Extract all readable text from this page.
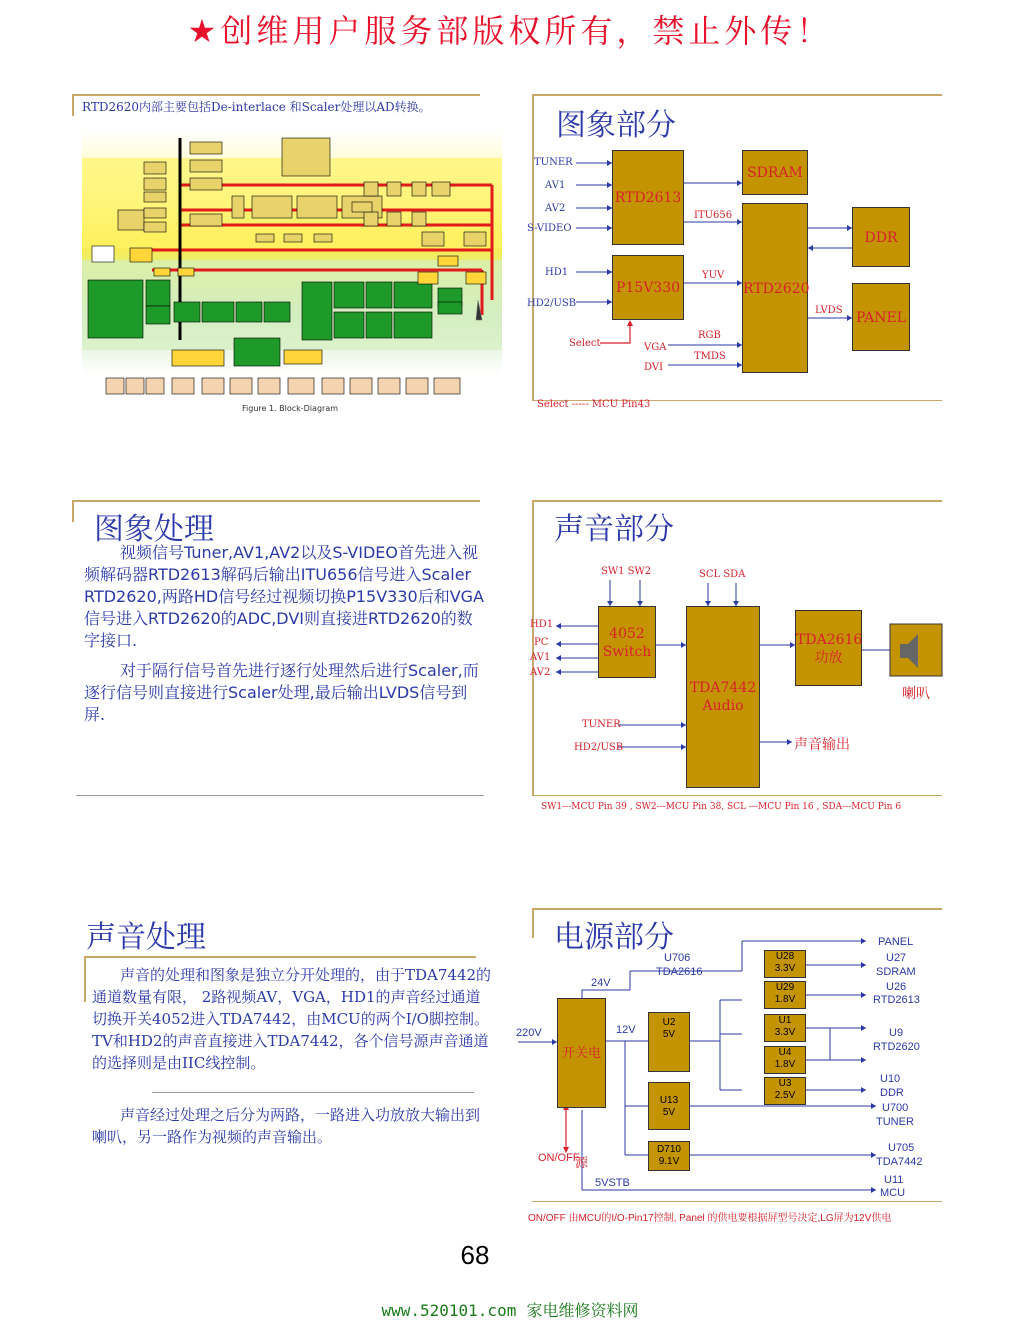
★创维用户服务部版权所有，禁止外传！
RTD2620内部主要包括De-interlace 和Scaler处理以AD转换。
Figure 1. Block-Diagram
图象部分
TUNER
AV1
AV2
S-VIDEO
HD1
HD2/USB
RTD2613
SDRAM
P15V330	RTD2620
DDR
PANEL
ITU656
YUV
LVDS
RGB
TMDS
VGA
DVI
Select
Select ----- MCU Pin43
图象处理
视频信号Tuner,AV1,AV2以及S-VIDEO首先进入视频解码器RTD2613解码后输出ITU656信号进入Scaler RTD2620,两路HD信号经过视频切换P15V330后和VGA信号进入RTD2620的ADC,DVI则直接进RTD2620的数字接口.
对于隔行信号首先进行逐行处理然后进行Scaler,而逐行信号则直接进行Scaler处理,最后输出LVDS信号到屏.
声音部分
SW1 SW2	SCL SDA
HD1
PC
AV1
AV2
TUNER
HD2/USB
4052
Switch
TDA7442
Audio
TDA2616
功放
喇叭
声音输出
SW1---MCU Pin 39 , SW2---MCU Pin 38, SCL ---MCU Pin 16 , SDA---MCU Pin 6
声音处理
声音的处理和图象是独立分开处理的，由于TDA7442的通道数量有限， 2路视频AV，VGA，HD1的声音经过通道切换开关4052进入TDA7442，由MCU的两个I/O脚控制。TV和HD2的声音直接进入TDA7442，各个信号源声音通道的选择则是由IIC线控制。
声音经过处理之后分为两路，一路进入功放放大输出到喇叭，另一路作为视频的声音输出。
电源部分
开关电源
220V
ON/OFF
24V
12V
5VSTB
U706
TDA2616
U28
3.3V
U29
1.8V
U1
3.3V
U4
1.8V
U3
2.5V
U2
5V
U13
5V
D710
9.1V
PANEL
U27
SDRAM
U26
RTD2613
U9
RTD2620
U10
DDR
U700
TUNER
U705
TDA7442
U11
MCU
ON/OFF 由MCU的I/O-Pin17控制, Panel 的供电要根据屏型号决定,LG屏为12V供电
68
www.520101.com 家电维修资料网
